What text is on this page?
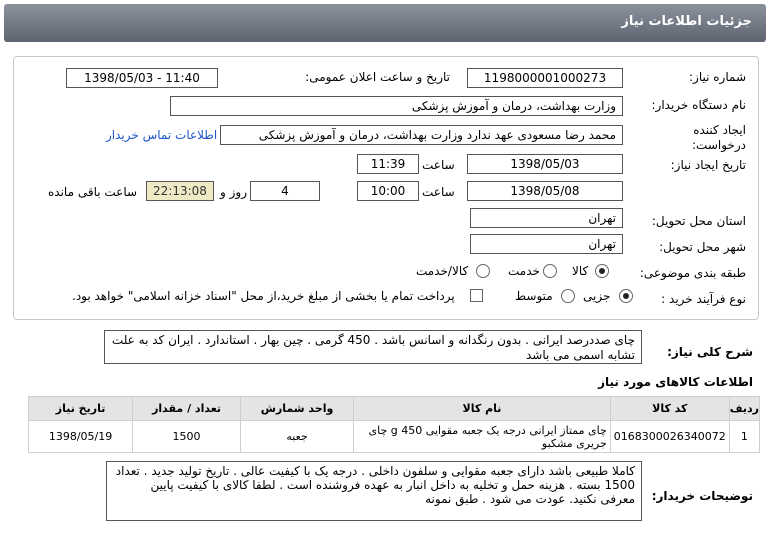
جزئیات اطلاعات نیاز
شماره نیاز:
1198000001000273
تاریخ و ساعت اعلان عمومی:
1398/05/03 - 11:40
نام دستگاه خریدار:
وزارت بهداشت، درمان و آموزش پزشکی
ایجاد کننده درخواست:
محمد رضا مسعودی عهد ندارد وزارت بهداشت، درمان و آموزش پزشکی
اطلاعات تماس خریدار
تاریخ ایجاد نیاز:
1398/05/03
ساعت
11:39
1398/05/08
ساعت
10:00
4
روز و
22:13:08
ساعت باقی مانده
استان محل تحویل:
تهران
شهر محل تحویل:
تهران
طبقه بندی موضوعی:
کالا
خدمت
کالا/خدمت
نوع فرآیند خرید :
جزیی
متوسط
پرداخت تمام یا بخشی از مبلغ خرید،از محل "اسناد خزانه اسلامی" خواهد بود.
شرح کلی نیاز:
چای صددرصد ایرانی . بدون رنگدانه و اسانس باشد . 450 گرمی . چین بهار . استاندارد . ایران کد به علت تشابه اسمی می باشد
اطلاعات کالاهای مورد نیاز
ردیف	کد کالا	نام کالا	واحد شمارش	تعداد / مقدار	تاریخ نیاز
1	0168300026340072	چای ممتاز ایرانی درجه یک جعبه مقوایی 450 g چای جریری مشکبو	جعبه	1500	1398/05/19
توضیحات خریدار:
کاملا طبیعی باشد دارای جعبه مقوایی و سلفون داخلی . درجه یک با کیفیت عالی . تاریخ تولید جدید . تعداد 1500 بسته . هزینه حمل و تخلیه به داخل انبار به عهده فروشنده است . لطفا کالای با کیفیت پایین معرفی نکنید. عودت می شود . طبق نمونه
